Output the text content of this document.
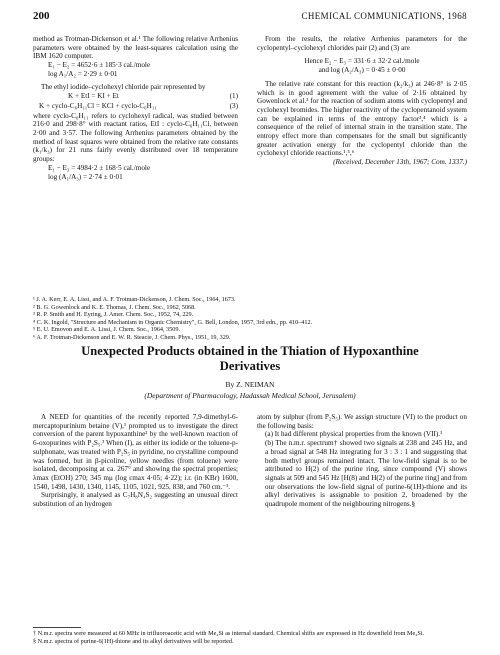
200	CHEMICAL COMMUNICATIONS, 1968

method as Trotman-Dickenson et al.¹ The following relative Arrhenius parameters were obtained by the least-squares calculation using the IBM 1620 computer.

E₁ − E₂ = 4652·6 ± 185·3 cal./mole

log A₁/A₂ = 2·29 ± 0·01

The ethyl iodide–cyclohexyl chloride pair represented by

K + EtI = KI + Et	(1)
K + cyclo-C₆H₁₁Cl = KCl + cyclo-C₆H₁₁	(3)

where cyclo-C₆H₁₁ refers to cyclohexyl radical, was studied between 216·0 and 298·8° with reactant ratios, EtI : cyclo-C₆H₁₁Cl, between 2·00 and 3·57. The following Arrhenius parameters obtained by the method of least squares were obtained from the relative rate constants (k₁/k₃) for 21 runs fairly evenly distributed over 18 temperature groups:

E₁ − E₃ = 4984·2 ± 168·5 cal./mole

log (A₁/A₃) = 2·74 ± 0·01

From the results, the relative Arrhenius parameters for the cyclopentyl–cyclohexyl chlorides pair (2) and (3) are

Hence E₂ − E₃ = 331·6 ± 32·2 cal./mole

and log (A₂/A₃) = 0·45 ± 0·00

The relative rate constant for this reaction (k₂/k₃) at 246·8° is 2·05 which is in good agreement with the value of 2·16 obtained by Gowenlock et al.² for the reaction of sodium atoms with cyclopentyl and cyclohexyl bromides. The higher reactivity of the cyclopentanoid system can be explained in terms of the entropy factor³,⁴ which is a consequence of the relief of internal strain in the transition state. The entropy effect more than compensates for the small but significantly greater activation energy for the cyclopentyl chloride than the cyclohexyl chloride reactions.¹,⁵,⁶

(Received, December 13th, 1967; Com. 1337.)

¹ J. A. Kerr, E. A. Lissi, and A. F. Trotman-Dickenson, J. Chem. Soc., 1964, 1673.

² B. G. Gowenlock and K. E. Thomas, J. Chem. Soc., 1962, 5068.

³ R. P. Smith and H. Eyring, J. Amer. Chem. Soc., 1952, 74, 229.

⁴ C. K. Ingold, "Structure and Mechanism in Organic Chemistry", G. Bell, London, 1957, 3rd edn., pp. 410–412.

⁵ E. U. Emovon and E. A. Lissi, J. Chem. Soc., 1964, 3509.

⁶ A. F. Trotman-Dickenson and E. W. R. Steacie, J. Chem. Phys., 1951, 19, 329.

Unexpected Products obtained in the Thiation of Hypoxanthine
Derivatives
By Z. NEIMAN
(Department of Pharmacology, Hadassah Medical School, Jerusalem)

A NEED for quantities of the recently reported 7,9-dimethyl-6-mercaptopurinium betaine (V),¹ prompted us to investigate the direct conversion of the parent hypoxanthine² by the well-known reaction of 6-oxopurines with P₂S₅.³ When (I), as either its iodide or the toluene-p-sulphonate, was treated with P₂S₅ in pyridine, no crystalline compound was formed, but in β-picoline, yellow needles (from toluene) were isolated, decomposing at ca. 267° and showing the spectral properties; λmax (EtOH) 270; 345 mμ (log εmax 4·05; 4·22); i.r. (in KBr) 1600, 1540, 1498, 1430, 1340, 1145, 1105, 1021, 925, 838, and 760 cm.⁻¹.

Surprisingly, it analysed as C₇H₈N₄S₂ suggesting an unusual direct substitution of an hydrogen

atom by sulphur (from P₂S₅). We assign structure (VI) to the product on the following basis:

(a) It had different physical properties from the known (VII).¹

(b) The n.m.r. spectrum† showed two signals at 238 and 245 Hz, and a broad signal at 548 Hz integrating for 3 : 3 : 1 and suggesting that both methyl groups remained intact. The low-field signal is to be attributed to H(2) of the purine ring, since compound (V) shows signals at 509 and 545 Hz [H(8) and H(2) of the purine ring] and from our observations the low-field signal of purine-6(1H)-thione and its alkyl derivatives is assignable to position 2, broadened by the quadrupole moment of the neighbouring nitrogens.§

† N.m.r. spectra were measured at 60 MHz in trifluoroacetic acid with Me₄Si as internal standard. Chemical shifts are expressed in Hz downfield from Me₄Si.

§ N.m.r. spectra of purine-6(1H)-thione and its alkyl derivatives will be reported.
